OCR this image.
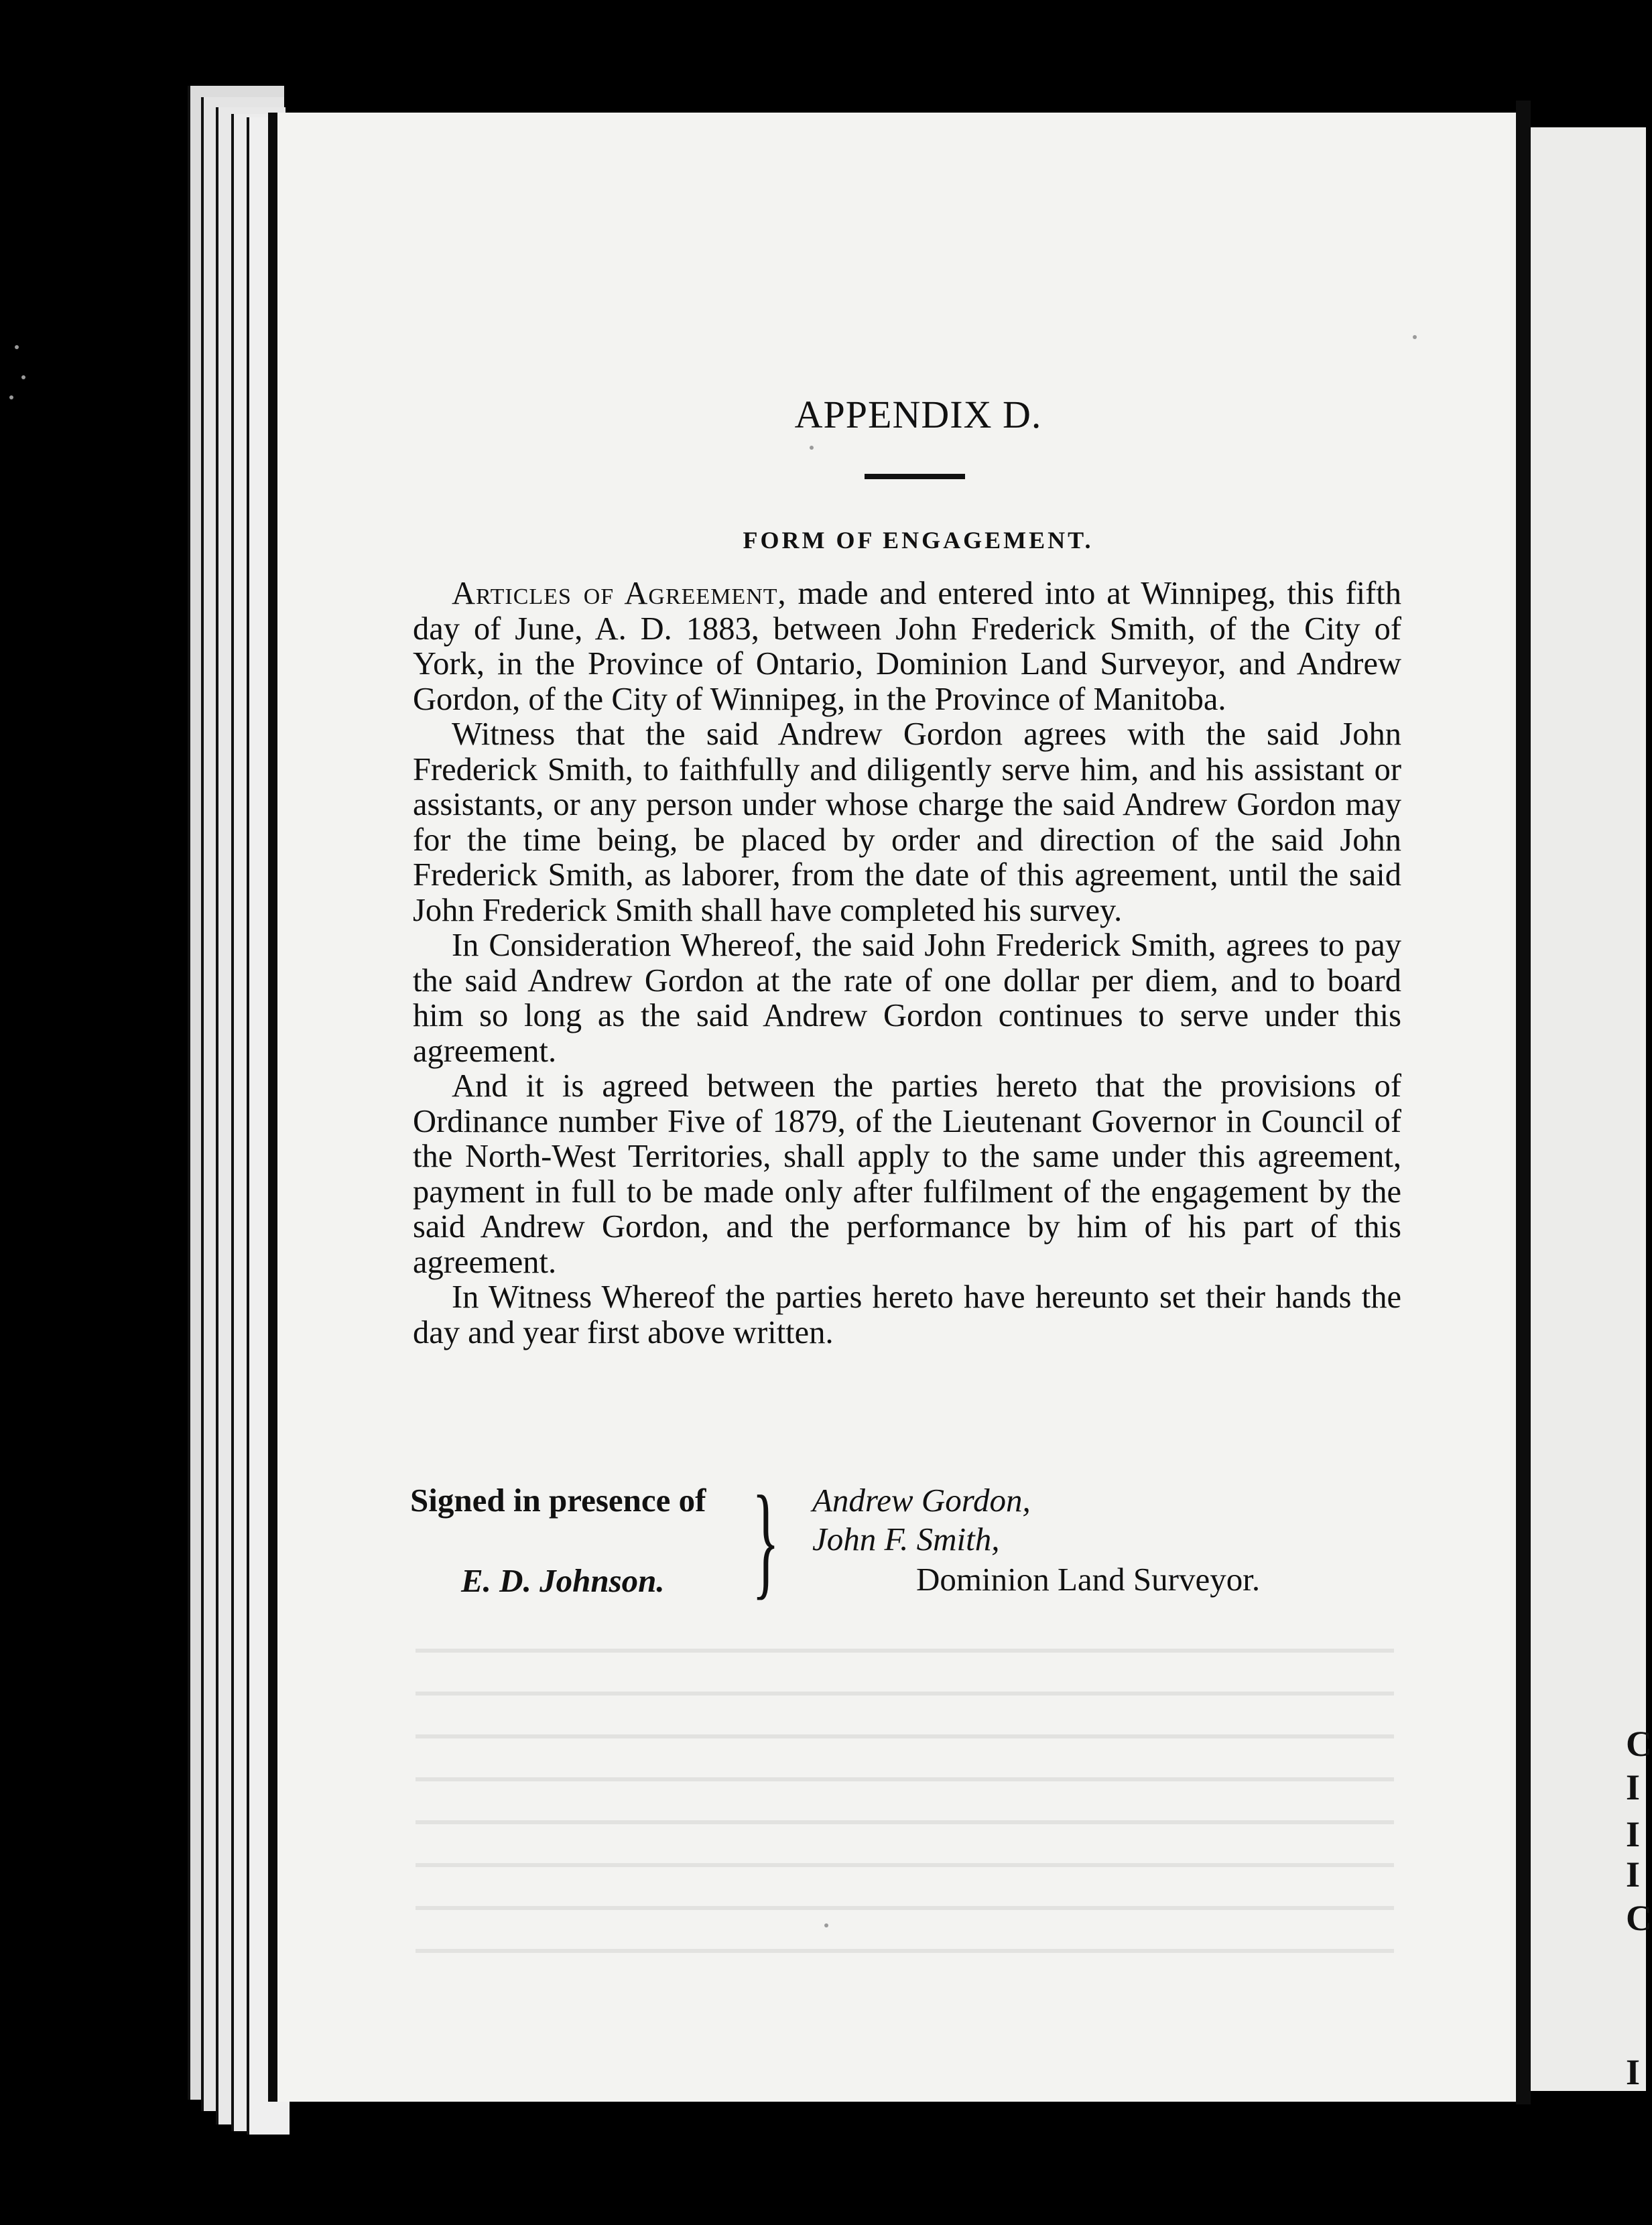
C
I
I
I
C
I
APPENDIX D.
FORM OF ENGAGEMENT.

Articles of Agreement, made and entered into at Winnipeg, this fifth day of June, A. D. 1883, between John Frederick Smith, of the City of York, in the Province of Ontario, Dominion Land Surveyor, and Andrew Gordon, of the City of Winnipeg, in the Province of Manitoba.

Witness that the said Andrew Gordon agrees with the said John Frederick Smith, to faithfully and diligently serve him, and his assistant or assistants, or any person under whose charge the said Andrew Gordon may for the time being, be placed by order and direction of the said John Frederick Smith, as laborer, from the date of this agreement, until the said John Frederick Smith shall have completed his survey.

In Consideration Whereof, the said John Frederick Smith, agrees to pay the said Andrew Gordon at the rate of one dollar per diem, and to board him so long as the said Andrew Gordon continues to serve under this agreement.

And it is agreed between the parties hereto that the provisions of Ordinance number Five of 1879, of the Lieutenant Governor in Council of the North-West Territories, shall apply to the same under this agreement, payment in full to be made only after fulfilment of the engagement by the said Andrew Gordon, and the performance by him of his part of this agreement.

In Witness Whereof the parties hereto have hereunto set their hands the day and year first above written.

Signed in presence of
E. D. Johnson. } Andrew Gordon,
John F. Smith,
Dominion Land Surveyor.
